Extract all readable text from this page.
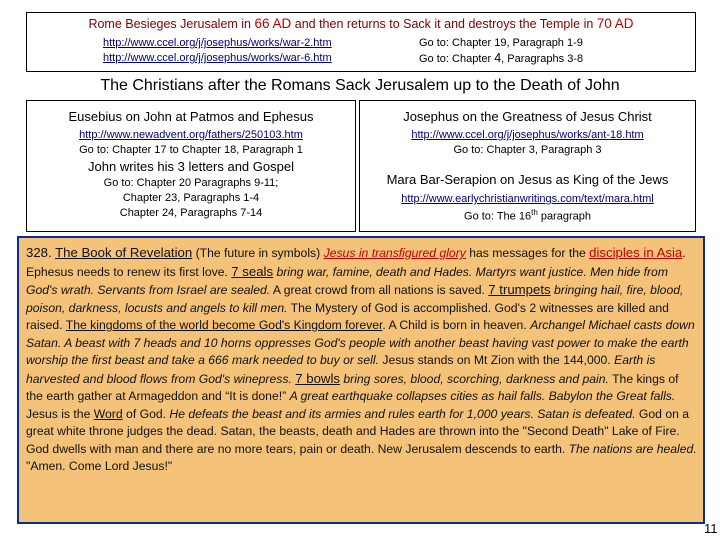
Rome Besieges Jerusalem in 66 AD and then returns to Sack it and destroys the Temple in 70 AD
http://www.ccel.org/j/josephus/works/war-2.htm	Go to: Chapter 19, Paragraph 1-9
http://www.ccel.org/j/josephus/works/war-6.htm	Go to: Chapter 4, Paragraphs 3-8
The Christians after the Romans Sack Jerusalem up to the Death of John
Eusebius on John at Patmos and Ephesus
http://www.newadvent.org/fathers/250103.htm
Go to: Chapter 17 to Chapter 18, Paragraph 1
John writes his 3 letters and Gospel
Go to: Chapter 20 Paragraphs 9-11;
Chapter 23, Paragraphs 1-4
Chapter 24, Paragraphs 7-14
Josephus on the Greatness of Jesus Christ
http://www.ccel.org/j/josephus/works/ant-18.htm
Go to: Chapter 3, Paragraph 3
Mara Bar-Serapion on Jesus as King of the Jews
http://www.earlychristianwritings.com/text/mara.html
Go to: The 16th paragraph
328. The Book of Revelation (The future in symbols) Jesus in transfigured glory has messages for the disciples in Asia. Ephesus needs to renew its first love. 7 seals bring war, famine, death and Hades. Martyrs want justice. Men hide from God's wrath. Servants from Israel are sealed. A great crowd from all nations is saved. 7 trumpets bringing hail, fire, blood, poison, darkness, locusts and angels to kill men. The Mystery of God is accomplished. God's 2 witnesses are killed and raised. The kingdoms of the world become God's Kingdom forever. A Child is born in heaven. Archangel Michael casts down Satan. A beast with 7 heads and 10 horns oppresses God's people with another beast having vast power to make the earth worship the first beast and take a 666 mark needed to buy or sell. Jesus stands on Mt Zion with the 144,000. Earth is harvested and blood flows from God's winepress. 7 bowls bring sores, blood, scorching, darkness and pain. The kings of the earth gather at Armageddon and “It is done!” A great earthquake collapses cities as hail falls. Babylon the Great falls. Jesus is the Word of God. He defeats the beast and its armies and rules earth for 1,000 years. Satan is defeated. God on a great white throne judges the dead. Satan, the beasts, death and Hades are thrown into the "Second Death" Lake of Fire. God dwells with man and there are no more tears, pain or death. New Jerusalem descends to earth. The nations are healed. "Amen. Come Lord Jesus!"
11
